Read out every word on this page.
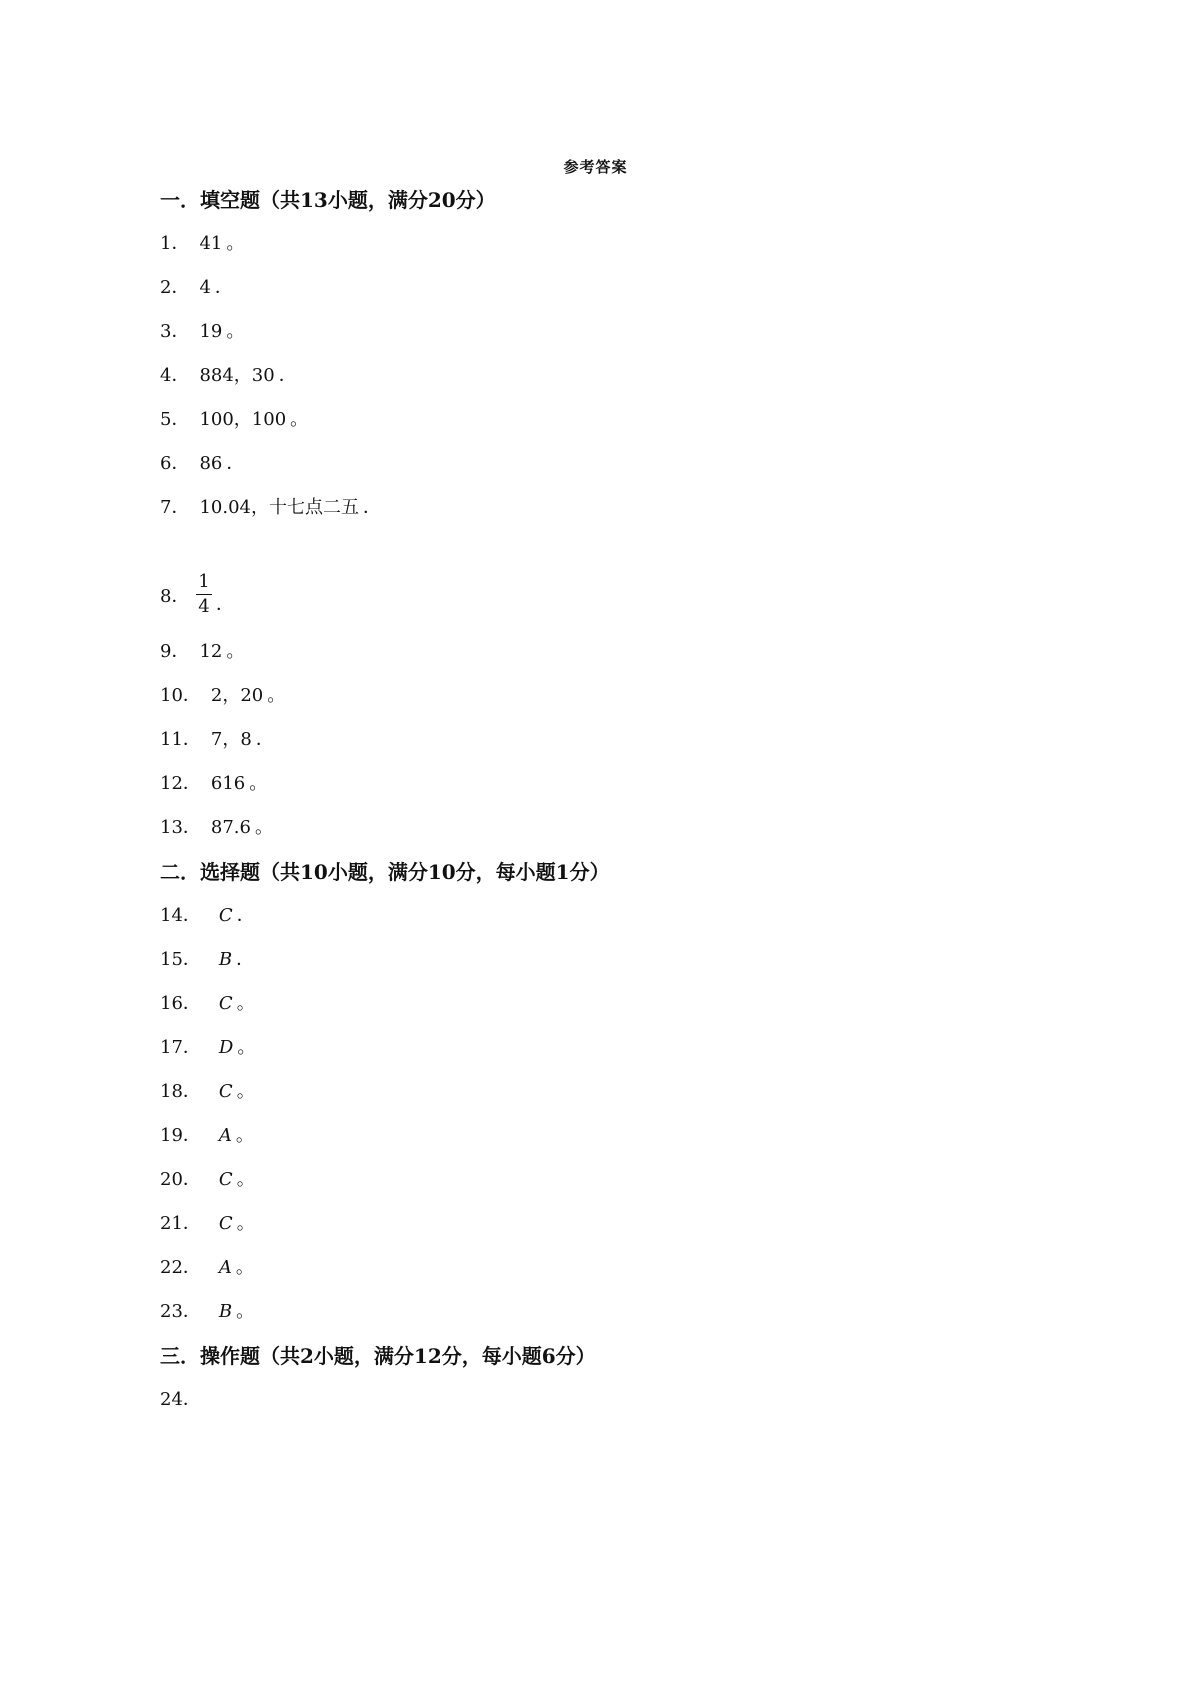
参考答案
一．填空题（共13小题，满分20分）
1． 41 。
2． 4 ．
3． 19 。
4． 884，30 ．
5． 100，100 。
6． 86 ．
7． 10.04，十七点二五 ．
8．
1
4 ．
9． 12 。
10． 2，20 。
11． 7，8 ．
12． 616 。
13． 87.6 。
二．选择题（共10小题，满分10分，每小题1分）
14． C ．
15． B ．
16． C 。
17． D 。
18． C 。
19． A 。
20． C 。
21． C 。
22． A 。
23． B 。
三．操作题（共2小题，满分12分，每小题6分）
24．
